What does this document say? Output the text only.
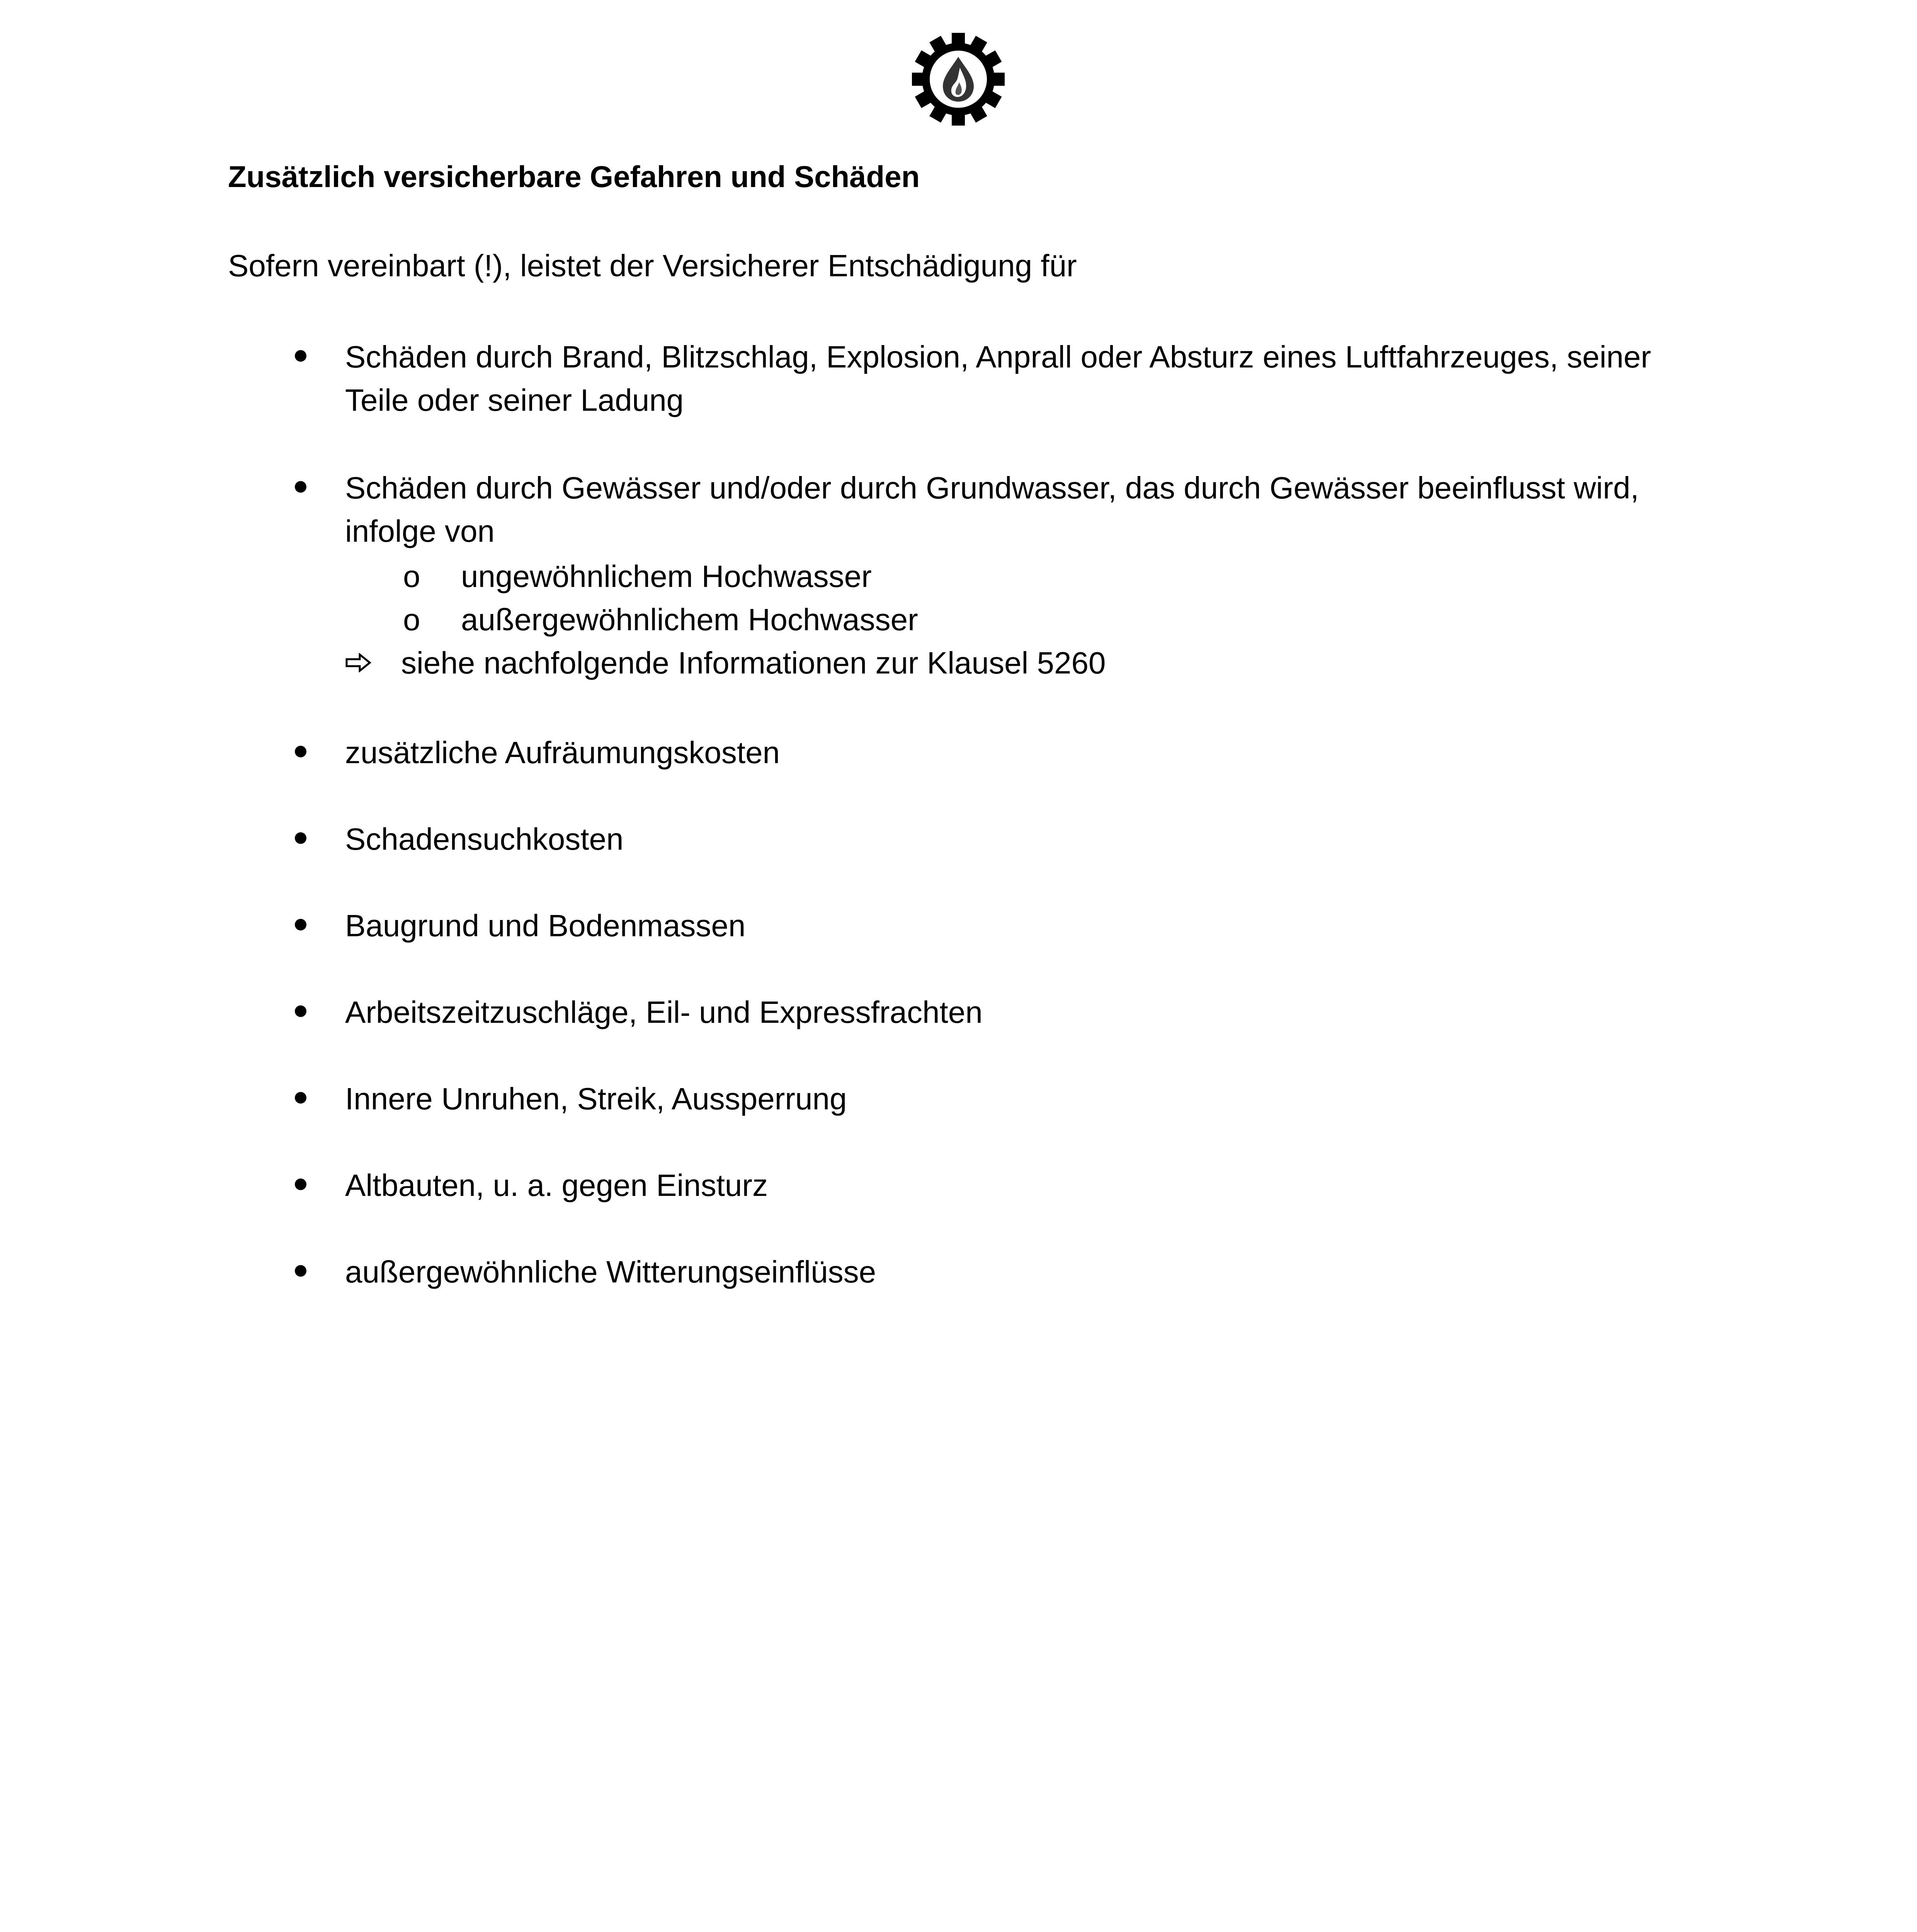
Zusätzlich versicherbare Gefahren und Schäden
Sofern vereinbart (!), leistet der Versicherer Entschädigung für
Schäden durch Brand, Blitzschlag, Explosion, Anprall oder Absturz eines Luftfahrzeuges, seiner
Teile oder seiner Ladung
Schäden durch Gewässer und/oder durch Grundwasser, das durch Gewässer beeinflusst wird,
infolge von
o ungewöhnlichem Hochwasser
o außergewöhnlichem Hochwasser
siehe nachfolgende Informationen zur Klausel 5260
zusätzliche Aufräumungskosten
Schadensuchkosten
Baugrund und Bodenmassen
Arbeitszeitzuschläge, Eil- und Expressfrachten
Innere Unruhen, Streik, Aussperrung
Altbauten, u. a. gegen Einsturz
außergewöhnliche Witterungseinflüsse
